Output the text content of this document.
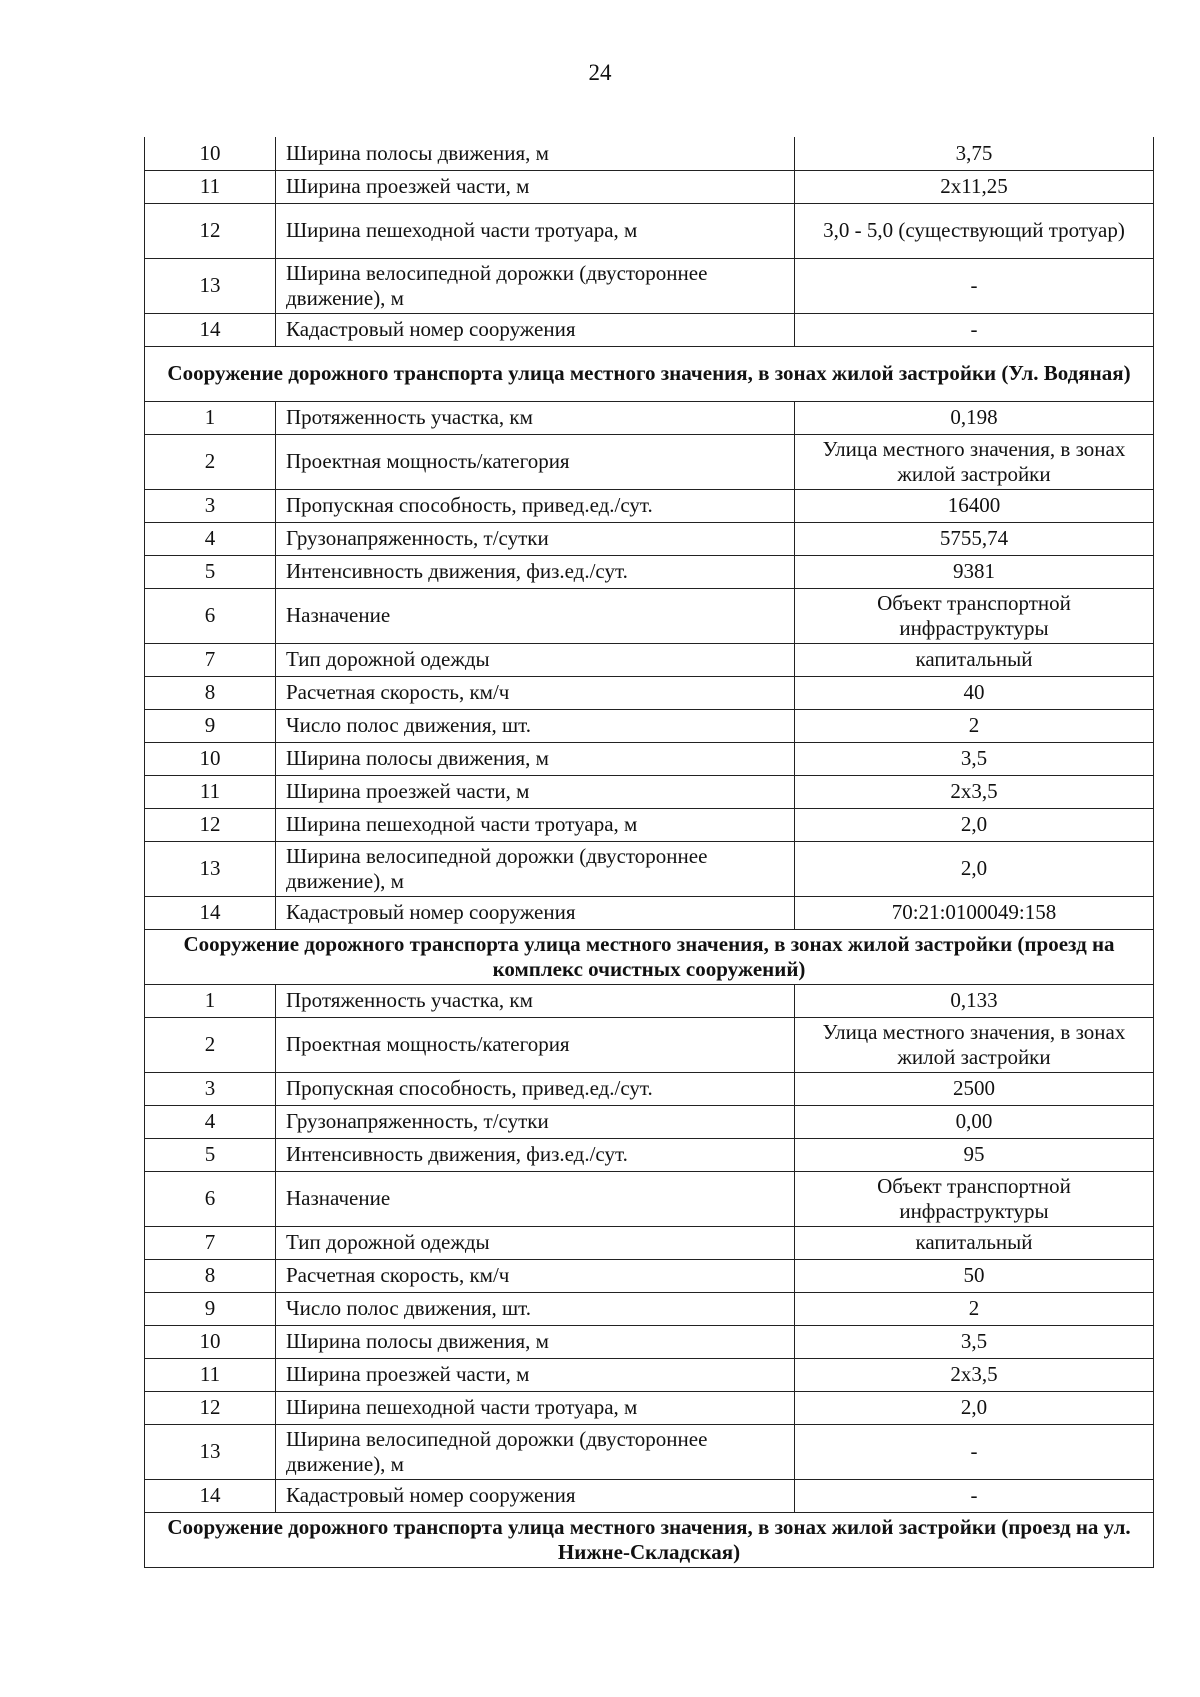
24
10	Ширина полосы движения, м	3,75
11	Ширина проезжей части, м	2х11,25
12	Ширина пешеходной части тротуара, м	3,0 - 5,0 (существующий тротуар)
13	Ширина велосипедной дорожки (двустороннее движение), м	-
14	Кадастровый номер сооружения	-
Сооружение дорожного транспорта улица местного значения, в зонах жилой застройки (Ул. Водяная)		
1	Протяженность участка, км	0,198
2	Проектная мощность/категория	Улица местного значения, в зонах жилой застройки
3	Пропускная способность, привед.ед./сут.	16400
4	Грузонапряженность, т/сутки	5755,74
5	Интенсивность движения, физ.ед./сут.	9381
6	Назначение	Объект транспортной инфраструктуры
7	Тип дорожной одежды	капитальный
8	Расчетная скорость, км/ч	40
9	Число полос движения, шт.	2
10	Ширина полосы движения, м	3,5
11	Ширина проезжей части, м	2х3,5
12	Ширина пешеходной части тротуара, м	2,0
13	Ширина велосипедной дорожки (двустороннее движение), м	2,0
14	Кадастровый номер сооружения	70:21:0100049:158
Сооружение дорожного транспорта улица местного значения, в зонах жилой застройки (проезд на комплекс очистных сооружений)		
1	Протяженность участка, км	0,133
2	Проектная мощность/категория	Улица местного значения, в зонах жилой застройки
3	Пропускная способность, привед.ед./сут.	2500
4	Грузонапряженность, т/сутки	0,00
5	Интенсивность движения, физ.ед./сут.	95
6	Назначение	Объект транспортной инфраструктуры
7	Тип дорожной одежды	капитальный
8	Расчетная скорость, км/ч	50
9	Число полос движения, шт.	2
10	Ширина полосы движения, м	3,5
11	Ширина проезжей части, м	2х3,5
12	Ширина пешеходной части тротуара, м	2,0
13	Ширина велосипедной дорожки (двустороннее движение), м	-
14	Кадастровый номер сооружения	-
Сооружение дорожного транспорта улица местного значения, в зонах жилой застройки (проезд на ул. Нижне-Складская)		
